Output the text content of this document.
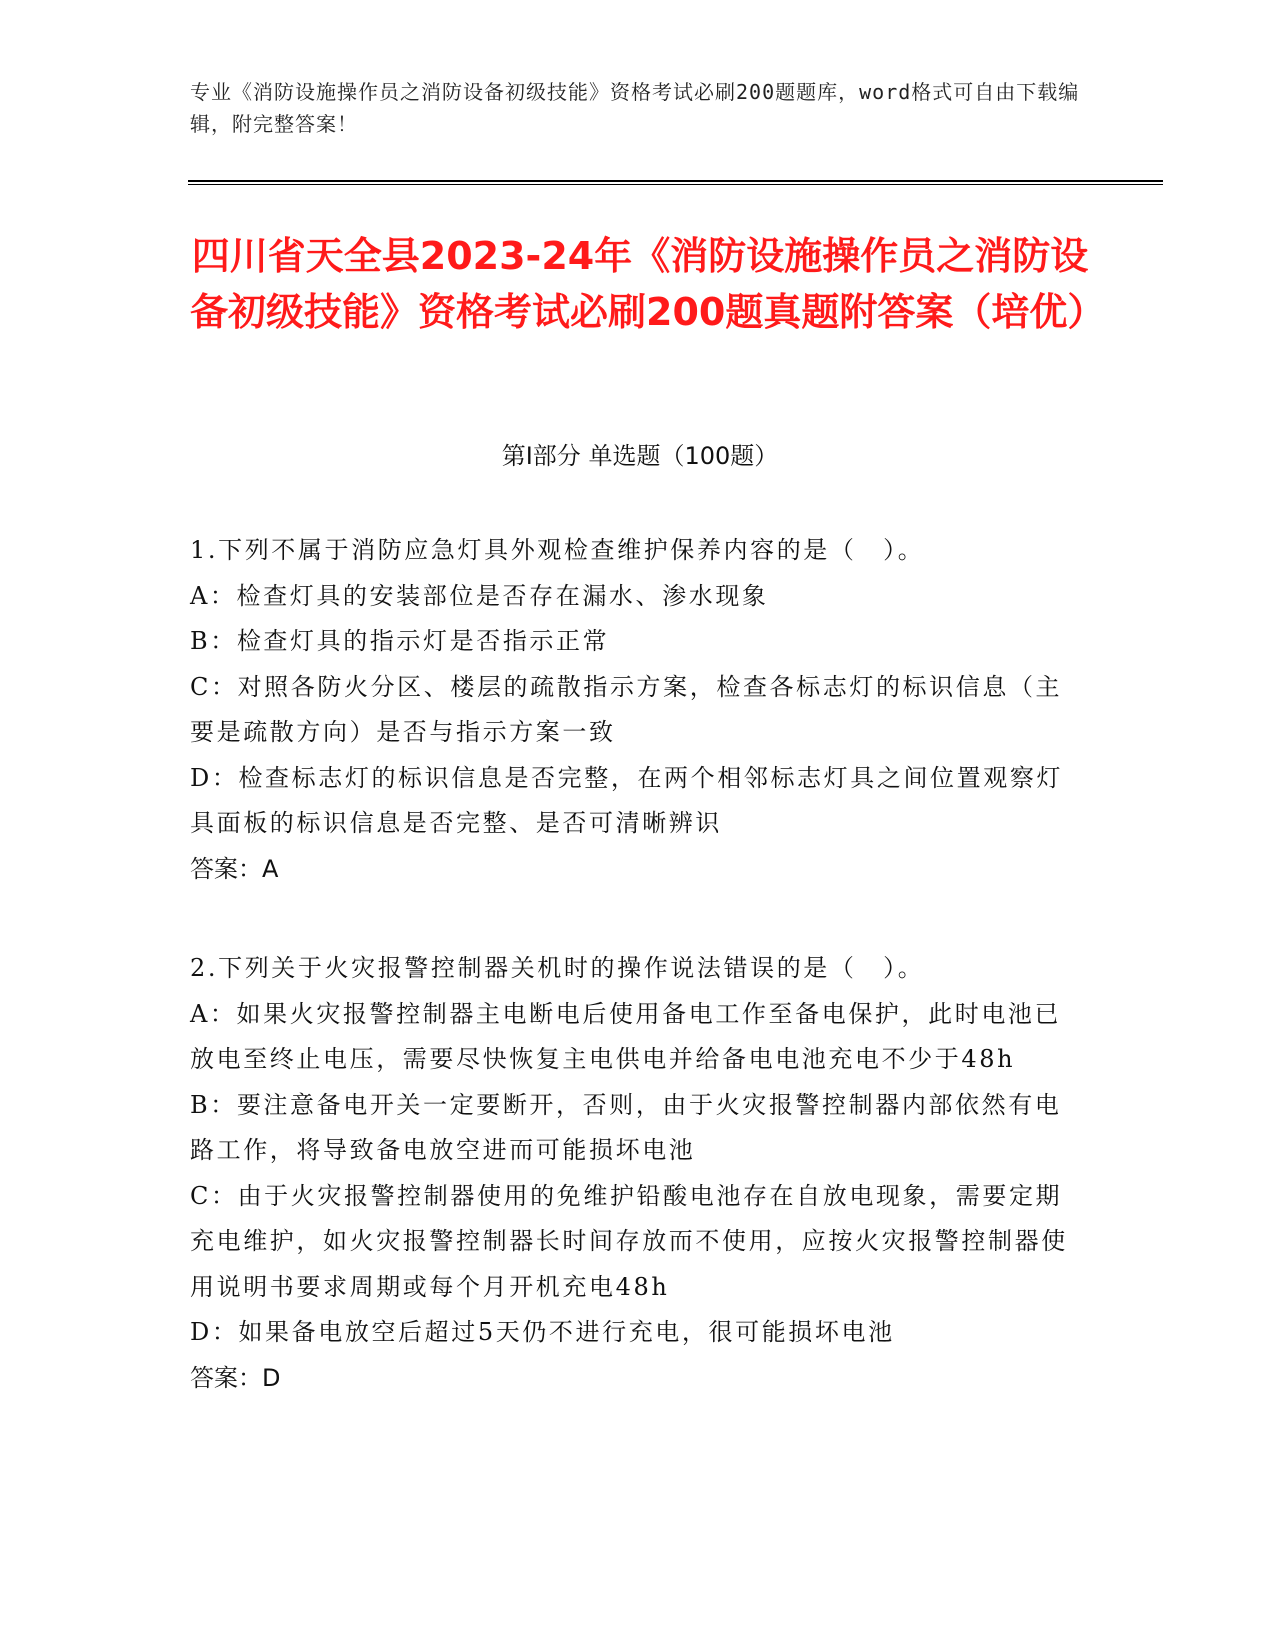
专业《消防设施操作员之消防设备初级技能》资格考试必刷200题题库，word格式可自由下载编辑，附完整答案！
四川省天全县2023-24年《消防设施操作员之消防设备初级技能》资格考试必刷200题真题附答案（培优）
第Ⅰ部分 单选题（100题）

1.下列不属于消防应急灯具外观检查维护保养内容的是（　）。

A：检查灯具的安装部位是否存在漏水、渗水现象

B：检查灯具的指示灯是否指示正常

C：对照各防火分区、楼层的疏散指示方案，检查各标志灯的标识信息（主要是疏散方向）是否与指示方案一致

D：检查标志灯的标识信息是否完整，在两个相邻标志灯具之间位置观察灯具面板的标识信息是否完整、是否可清晰辨识

答案：A

2.下列关于火灾报警控制器关机时的操作说法错误的是（　）。

A：如果火灾报警控制器主电断电后使用备电工作至备电保护，此时电池已放电至终止电压，需要尽快恢复主电供电并给备电电池充电不少于48h

B：要注意备电开关一定要断开，否则，由于火灾报警控制器内部依然有电路工作，将导致备电放空进而可能损坏电池

C：由于火灾报警控制器使用的免维护铅酸电池存在自放电现象，需要定期充电维护，如火灾报警控制器长时间存放而不使用，应按火灾报警控制器使用说明书要求周期或每个月开机充电48h

D：如果备电放空后超过5天仍不进行充电，很可能损坏电池

答案：D
